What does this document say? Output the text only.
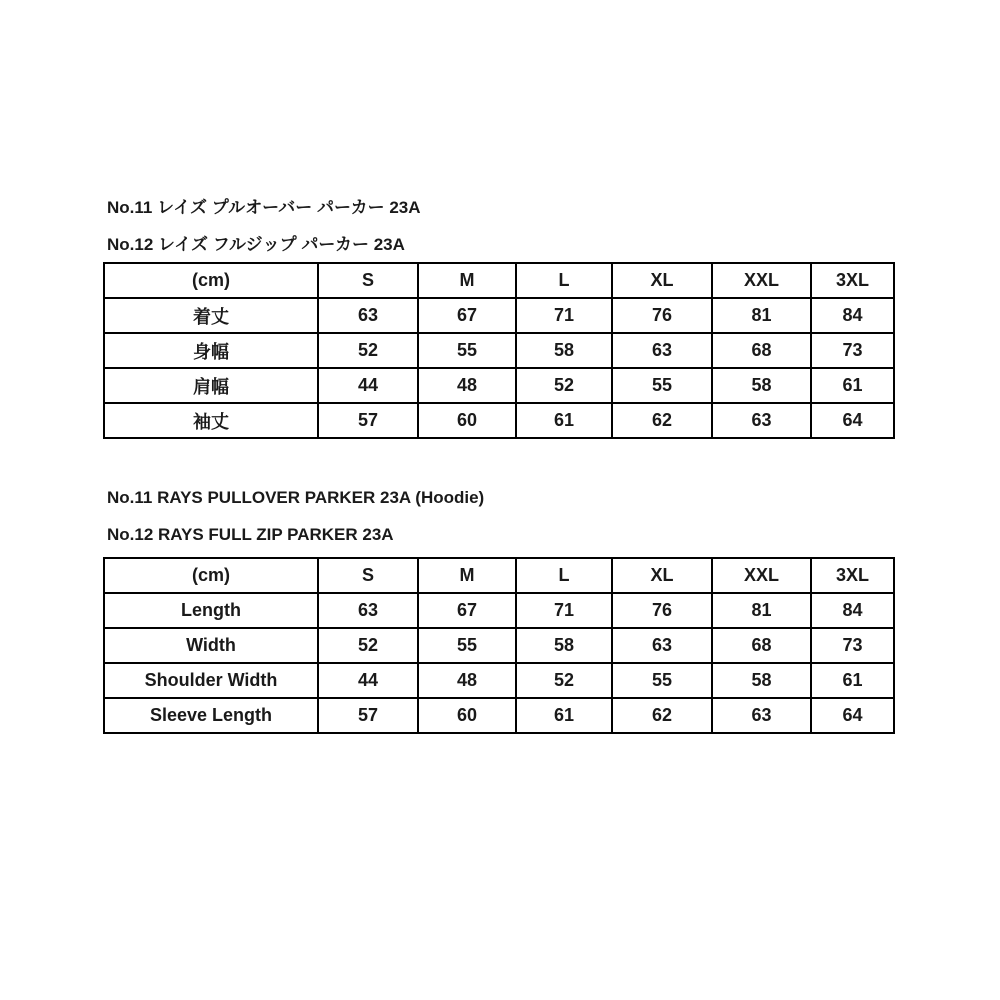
No.11 レイズ プルオーバー パーカー 23A
No.12 レイズ フルジップ パーカー 23A
(cm)	S	M	L	XL	XXL	3XL
着丈	63	67	71	76	81	84
身幅	52	55	58	63	68	73
肩幅	44	48	52	55	58	61
袖丈	57	60	61	62	63	64
No.11 RAYS PULLOVER PARKER 23A (Hoodie)
No.12 RAYS FULL ZIP PARKER 23A
(cm)	S	M	L	XL	XXL	3XL
Length	63	67	71	76	81	84
Width	52	55	58	63	68	73
Shoulder Width	44	48	52	55	58	61
Sleeve Length	57	60	61	62	63	64
